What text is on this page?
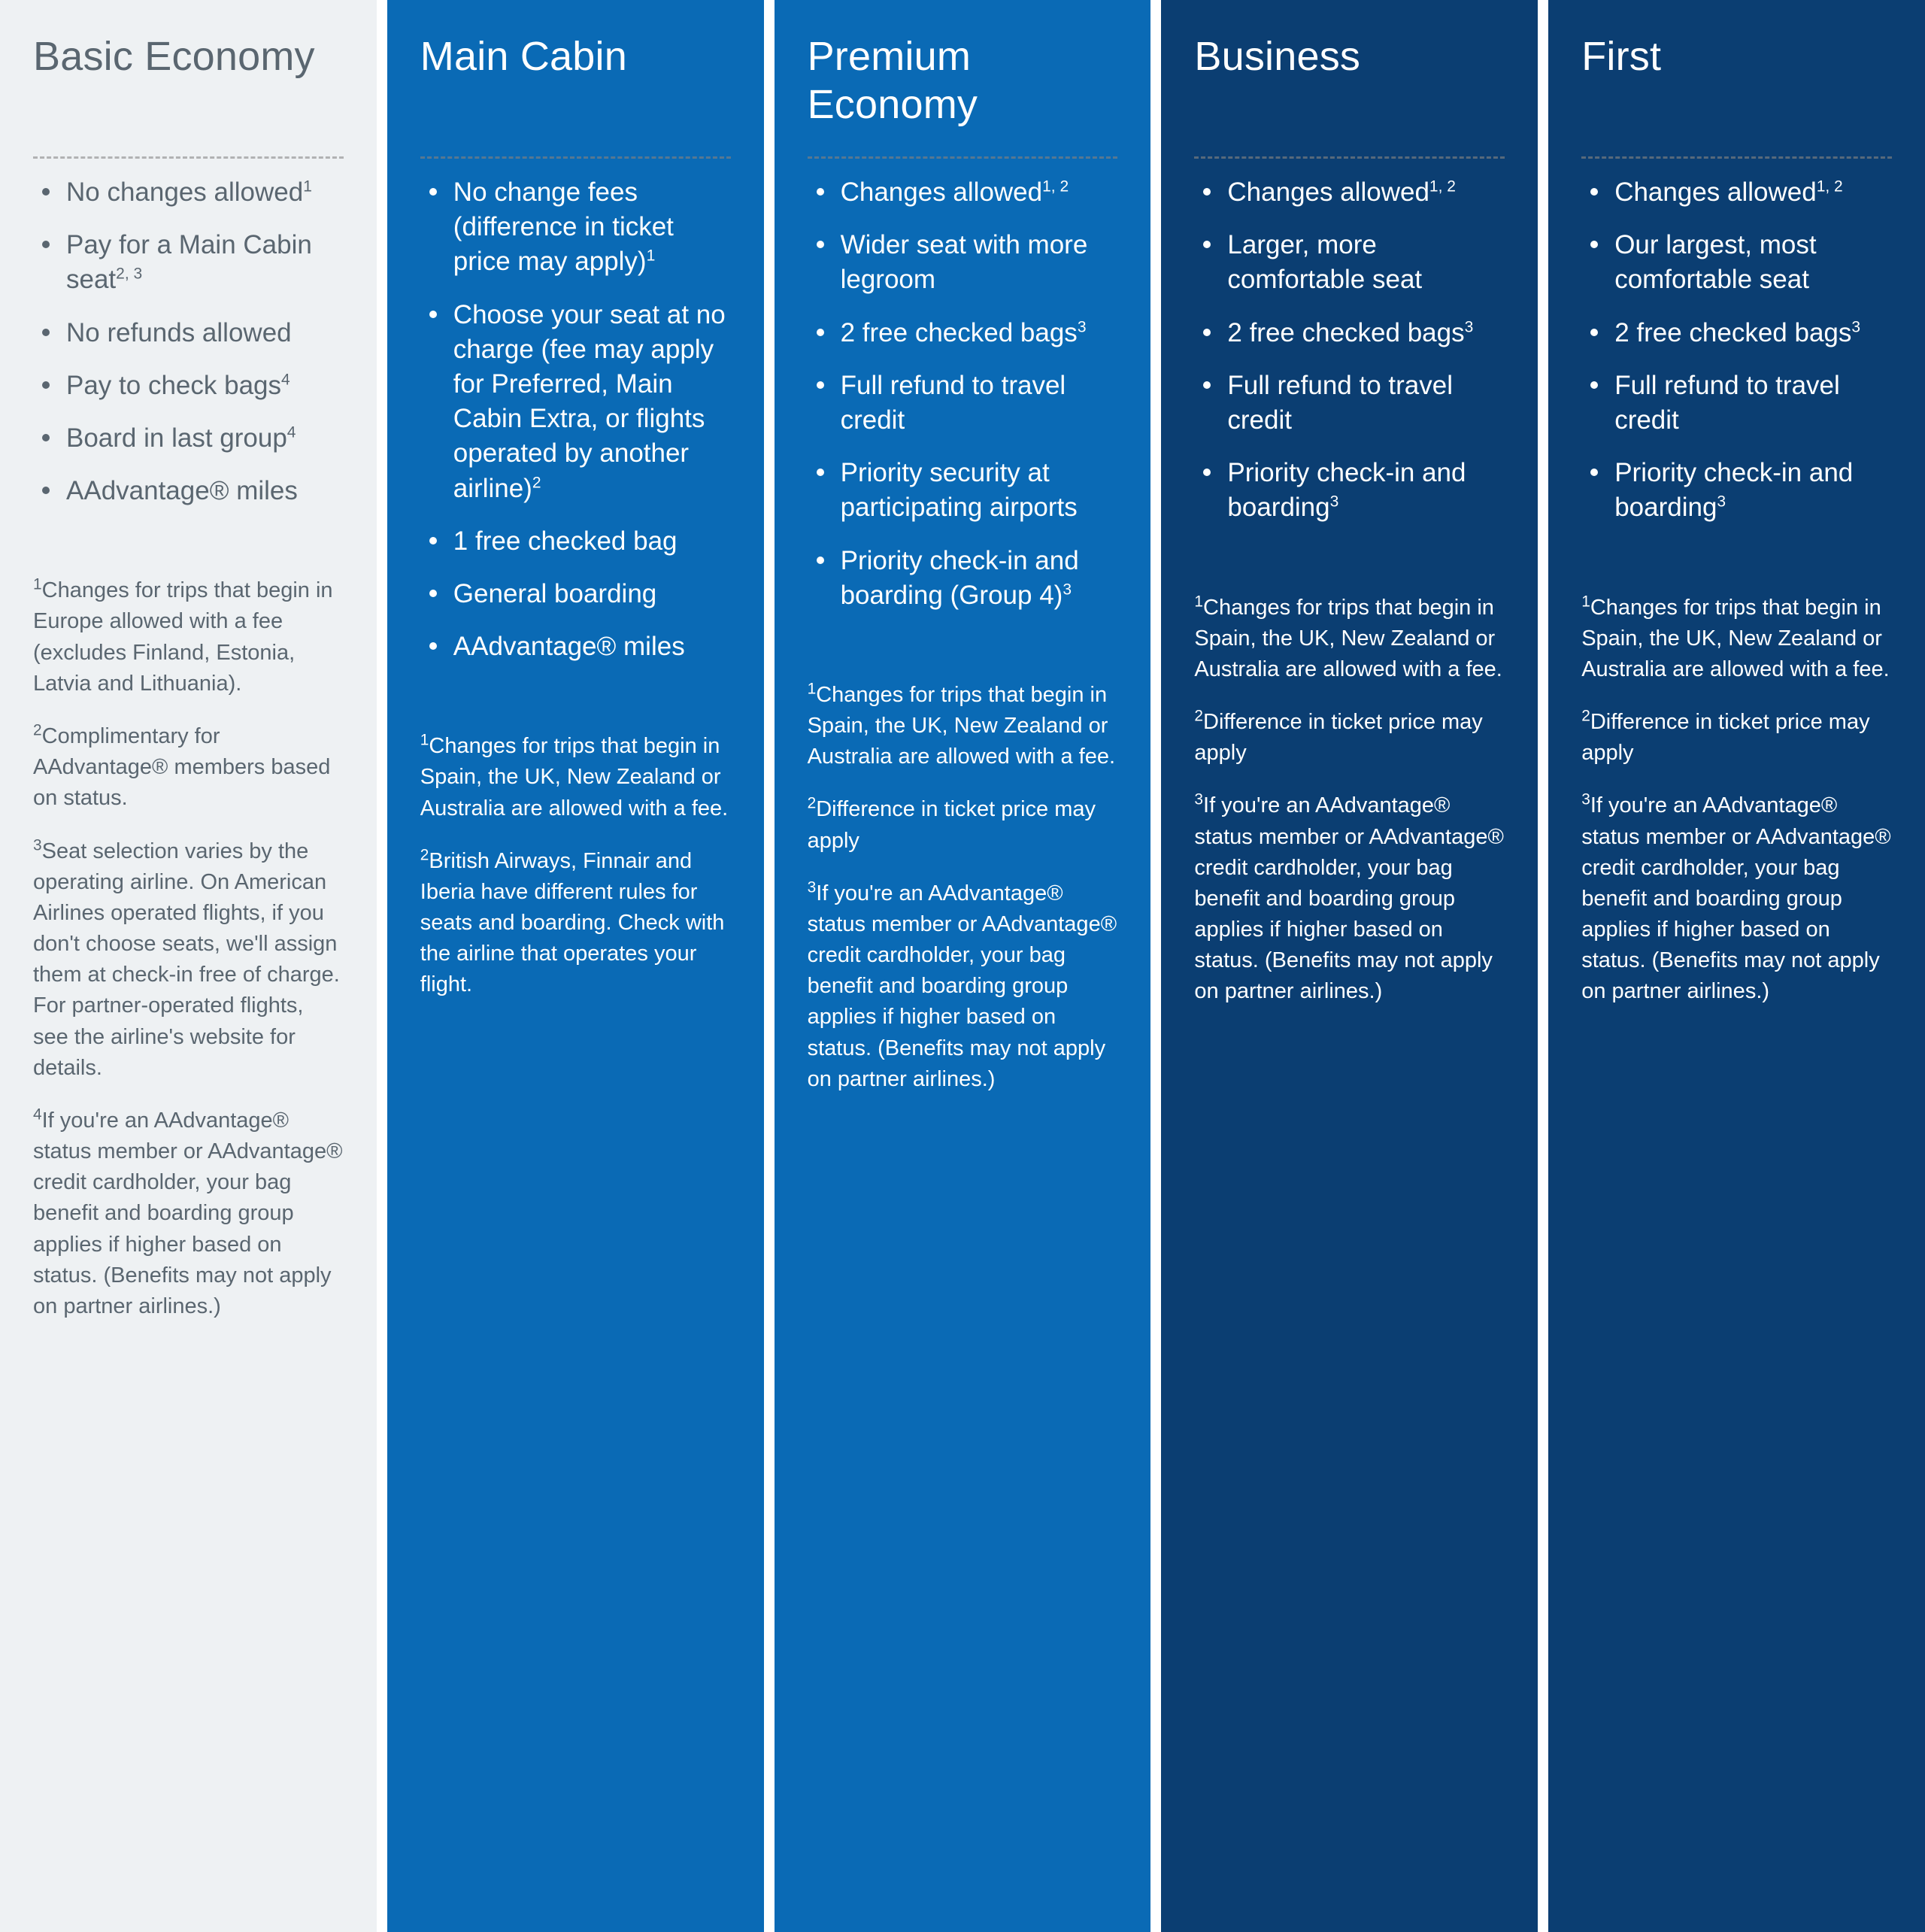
Basic Economy
No changes allowed$^1$
Pay for a Main Cabin seat$^{2, 3}$
No refunds allowed
Pay to check bags$^4$
Board in last group$^4$
AAdvantage® miles

$^1$Changes for trips that begin in Europe allowed with a fee (excludes Finland, Estonia, Latvia and Lithuania).

$^2$Complimentary for AAdvantage® members based on status.

$^3$Seat selection varies by the operating airline. On American Airlines operated flights, if you don't choose seats, we'll assign them at check-in free of charge. For partner-operated flights, see the airline's website for details.

$^4$If you're an AAdvantage® status member or AAdvantage® credit cardholder, your bag benefit and boarding group applies if higher based on status. (Benefits may not apply on partner airlines.)

Main Cabin
No change fees (difference in ticket price may apply)$^1$
Choose your seat at no charge (fee may apply for Preferred, Main Cabin Extra, or flights operated by another airline)$^2$
1 free checked bag
General boarding
AAdvantage® miles

$^1$Changes for trips that begin in Spain, the UK, New Zealand or Australia are allowed with a fee.

$^2$British Airways, Finnair and Iberia have different rules for seats and boarding. Check with the airline that operates your flight.

Premium Economy
Changes allowed$^{1, 2}$
Wider seat with more legroom
2 free checked bags$^3$
Full refund to travel credit
Priority security at participating airports
Priority check-in and boarding (Group 4)$^3$

$^1$Changes for trips that begin in Spain, the UK, New Zealand or Australia are allowed with a fee.

$^2$Difference in ticket price may apply

$^3$If you're an AAdvantage® status member or AAdvantage® credit cardholder, your bag benefit and boarding group applies if higher based on status. (Benefits may not apply on partner airlines.)

Business
Changes allowed$^{1, 2}$
Larger, more comfortable seat
2 free checked bags$^3$
Full refund to travel credit
Priority check-in and boarding$^3$

$^1$Changes for trips that begin in Spain, the UK, New Zealand or Australia are allowed with a fee.

$^2$Difference in ticket price may apply

$^3$If you're an AAdvantage® status member or AAdvantage® credit cardholder, your bag benefit and boarding group applies if higher based on status. (Benefits may not apply on partner airlines.)

First
Changes allowed$^{1, 2}$
Our largest, most comfortable seat
2 free checked bags$^3$
Full refund to travel credit
Priority check-in and boarding$^3$

$^1$Changes for trips that begin in Spain, the UK, New Zealand or Australia are allowed with a fee.

$^2$Difference in ticket price may apply

$^3$If you're an AAdvantage® status member or AAdvantage® credit cardholder, your bag benefit and boarding group applies if higher based on status. (Benefits may not apply on partner airlines.)
